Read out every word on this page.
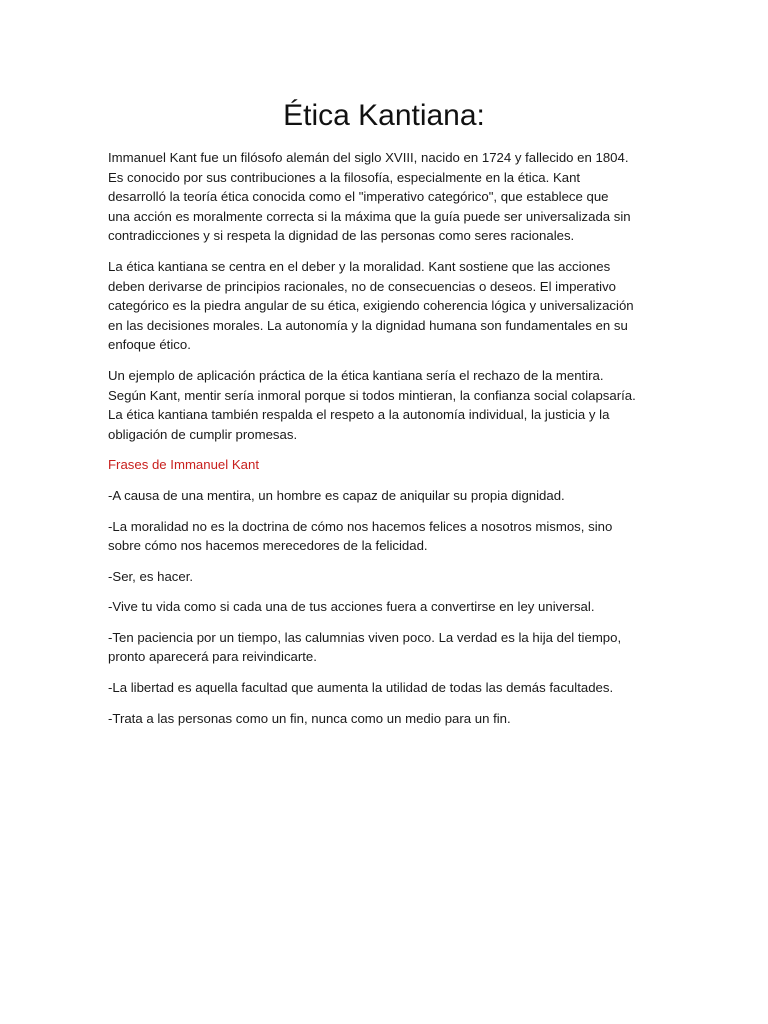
Ética Kantiana:

Immanuel Kant fue un filósofo alemán del siglo XVIII, nacido en 1724 y fallecido en 1804.
Es conocido por sus contribuciones a la filosofía, especialmente en la ética. Kant
desarrolló la teoría ética conocida como el "imperativo categórico", que establece que
una acción es moralmente correcta si la máxima que la guía puede ser universalizada sin
contradicciones y si respeta la dignidad de las personas como seres racionales.

La ética kantiana se centra en el deber y la moralidad. Kant sostiene que las acciones
deben derivarse de principios racionales, no de consecuencias o deseos. El imperativo
categórico es la piedra angular de su ética, exigiendo coherencia lógica y universalización
en las decisiones morales. La autonomía y la dignidad humana son fundamentales en su
enfoque ético.

Un ejemplo de aplicación práctica de la ética kantiana sería el rechazo de la mentira.
Según Kant, mentir sería inmoral porque si todos mintieran, la confianza social colapsaría.
La ética kantiana también respalda el respeto a la autonomía individual, la justicia y la
obligación de cumplir promesas.

Frases de Immanuel Kant

-A causa de una mentira, un hombre es capaz de aniquilar su propia dignidad.

-La moralidad no es la doctrina de cómo nos hacemos felices a nosotros mismos, sino
sobre cómo nos hacemos merecedores de la felicidad.

-Ser, es hacer.

-Vive tu vida como si cada una de tus acciones fuera a convertirse en ley universal.

-Ten paciencia por un tiempo, las calumnias viven poco. La verdad es la hija del tiempo,
pronto aparecerá para reivindicarte.

-La libertad es aquella facultad que aumenta la utilidad de todas las demás facultades.

-Trata a las personas como un fin, nunca como un medio para un fin.
